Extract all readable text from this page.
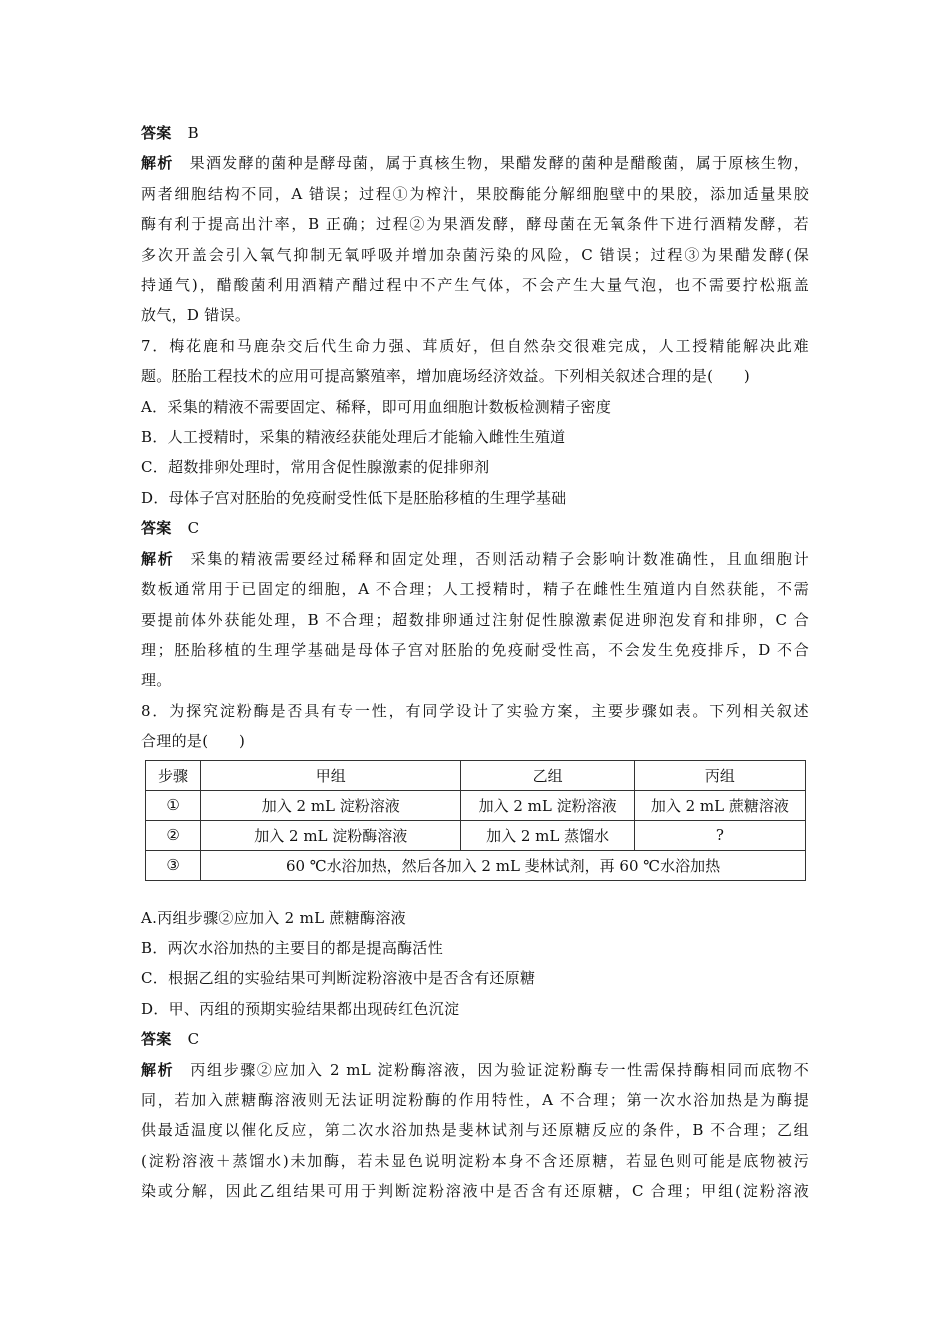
答案 B
解析 果酒发酵的菌种是酵母菌，属于真核生物，果醋发酵的菌种是醋酸菌，属于原核生物，
两者细胞结构不同，A 错误；过程①为榨汁，果胶酶能分解细胞壁中的果胶，添加适量果胶
酶有利于提高出汁率，B 正确；过程②为果酒发酵，酵母菌在无氧条件下进行酒精发酵，若
多次开盖会引入氧气抑制无氧呼吸并增加杂菌污染的风险，C 错误；过程③为果醋发酵(保
持通气)，醋酸菌利用酒精产醋过程中不产生气体，不会产生大量气泡，也不需要拧松瓶盖
放气，D 错误。
7．梅花鹿和马鹿杂交后代生命力强、茸质好，但自然杂交很难完成，人工授精能解决此难
题。胚胎工程技术的应用可提高繁殖率，增加鹿场经济效益。下列相关叙述合理的是(　　)
A．采集的精液不需要固定、稀释，即可用血细胞计数板检测精子密度
B．人工授精时，采集的精液经获能处理后才能输入雌性生殖道
C．超数排卵处理时，常用含促性腺激素的促排卵剂
D．母体子宫对胚胎的免疫耐受性低下是胚胎移植的生理学基础
答案 C
解析 采集的精液需要经过稀释和固定处理，否则活动精子会影响计数准确性，且血细胞计
数板通常用于已固定的细胞，A 不合理；人工授精时，精子在雌性生殖道内自然获能，不需
要提前体外获能处理，B 不合理；超数排卵通过注射促性腺激素促进卵泡发育和排卵，C 合
理；胚胎移植的生理学基础是母体子宫对胚胎的免疫耐受性高，不会发生免疫排斥，D 不合
理。
8．为探究淀粉酶是否具有专一性，有同学设计了实验方案，主要步骤如表。下列相关叙述
合理的是(　　)
步骤	甲组	乙组	丙组
①	加入 2 mL 淀粉溶液	加入 2 mL 淀粉溶液	加入 2 mL 蔗糖溶液
②	加入 2 mL 淀粉酶溶液	加入 2 mL 蒸馏水	?
③	60 ℃水浴加热，然后各加入 2 mL 斐林试剂，再 60 ℃水浴加热		
A.丙组步骤②应加入 2 mL 蔗糖酶溶液
B．两次水浴加热的主要目的都是提高酶活性
C．根据乙组的实验结果可判断淀粉溶液中是否含有还原糖
D．甲、丙组的预期实验结果都出现砖红色沉淀
答案 C
解析 丙组步骤②应加入 2 mL 淀粉酶溶液，因为验证淀粉酶专一性需保持酶相同而底物不
同，若加入蔗糖酶溶液则无法证明淀粉酶的作用特性，A 不合理；第一次水浴加热是为酶提
供最适温度以催化反应，第二次水浴加热是斐林试剂与还原糖反应的条件，B 不合理；乙组
(淀粉溶液＋蒸馏水)未加酶，若未显色说明淀粉本身不含还原糖，若显色则可能是底物被污
染或分解，因此乙组结果可用于判断淀粉溶液中是否含有还原糖，C 合理；甲组(淀粉溶液
